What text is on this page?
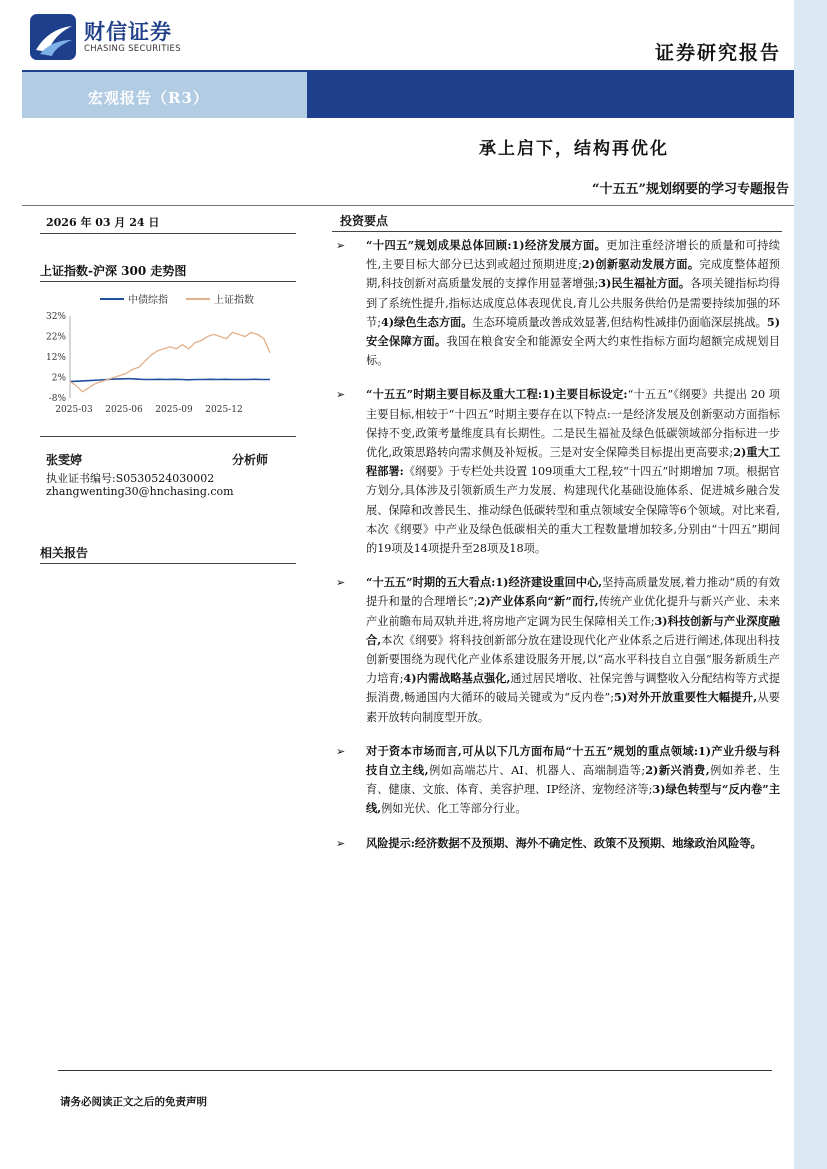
财信证券
CHASING SECURITIES	证券研究报告
宏观报告（R3）
承上启下，结构再优化
“十五五”规划纲要的学习专题报告
2026 年 03 月 24 日
上证指数-沪深 300 走势图
中债综指	上证指数
32%
22%
12%
2%
-8%
2025-03 2025-06 2025-09 2025-12
张雯婷	分析师
执业证书编号:S0530524030002
zhangwenting30@hnchasing.com
相关报告
投资要点
➢ “十四五”规划成果总体回顾:1)经济发展方面。更加注重经济增长的质量和可持续性,主要目标大部分已达到或超过预期进度;2)创新驱动发展方面。完成度整体超预期,科技创新对高质量发展的支撑作用显著增强;3)民生福祉方面。各项关键指标均得到了系统性提升,指标达成度总体表现优良,育儿公共服务供给仍是需要持续加强的环节;4)绿色生态方面。生态环境质量改善成效显著,但结构性减排仍面临深层挑战。5)安全保障方面。我国在粮食安全和能源安全两大约束性指标方面均超额完成规划目标。
➢ “十五五”时期主要目标及重大工程:1)主要目标设定:“十五五”《纲要》共提出 20 项主要目标,相较于“十四五”时期主要存在以下特点:一是经济发展及创新驱动方面指标保持不变,政策考量维度具有长期性。二是民生福祉及绿色低碳领域部分指标进一步优化,政策思路转向需求侧及补短板。三是对安全保障类目标提出更高要求;2)重大工程部署:《纲要》于专栏处共设置 109项重大工程,较“十四五”时期增加 7项。根据官方划分,具体涉及引领新质生产力发展、构建现代化基础设施体系、促进城乡融合发展、保障和改善民生、推动绿色低碳转型和重点领域安全保障等6个领域。对比来看,本次《纲要》中产业及绿色低碳相关的重大工程数量增加较多,分别由“十四五”期间的19项及14项提升至28项及18项。
➢ “十五五”时期的五大看点:1)经济建设重回中心,坚持高质量发展,着力推动“质的有效提升和量的合理增长”;2)产业体系向“新”而行,传统产业优化提升与新兴产业、未来产业前瞻布局双轨并进,将房地产定调为民生保障相关工作;3)科技创新与产业深度融合,本次《纲要》将科技创新部分放在建设现代化产业体系之后进行阐述,体现出科技创新要围绕为现代化产业体系建设服务开展,以“高水平科技自立自强”服务新质生产力培育;4)内需战略基点强化,通过居民增收、社保完善与调整收入分配结构等方式提振消费,畅通国内大循环的破局关键或为“反内卷”;5)对外开放重要性大幅提升,从要素开放转向制度型开放。
➢ 对于资本市场而言,可从以下几方面布局“十五五”规划的重点领域:1)产业升级与科技自立主线,例如高端芯片、AI、机器人、高端制造等;2)新兴消费,例如养老、生育、健康、文旅、体育、美容护理、IP经济、宠物经济等;3)绿色转型与“反内卷”主线,例如光伏、化工等部分行业。
➢ 风险提示:经济数据不及预期、海外不确定性、政策不及预期、地缘政治风险等。
请务必阅读正文之后的免责声明
